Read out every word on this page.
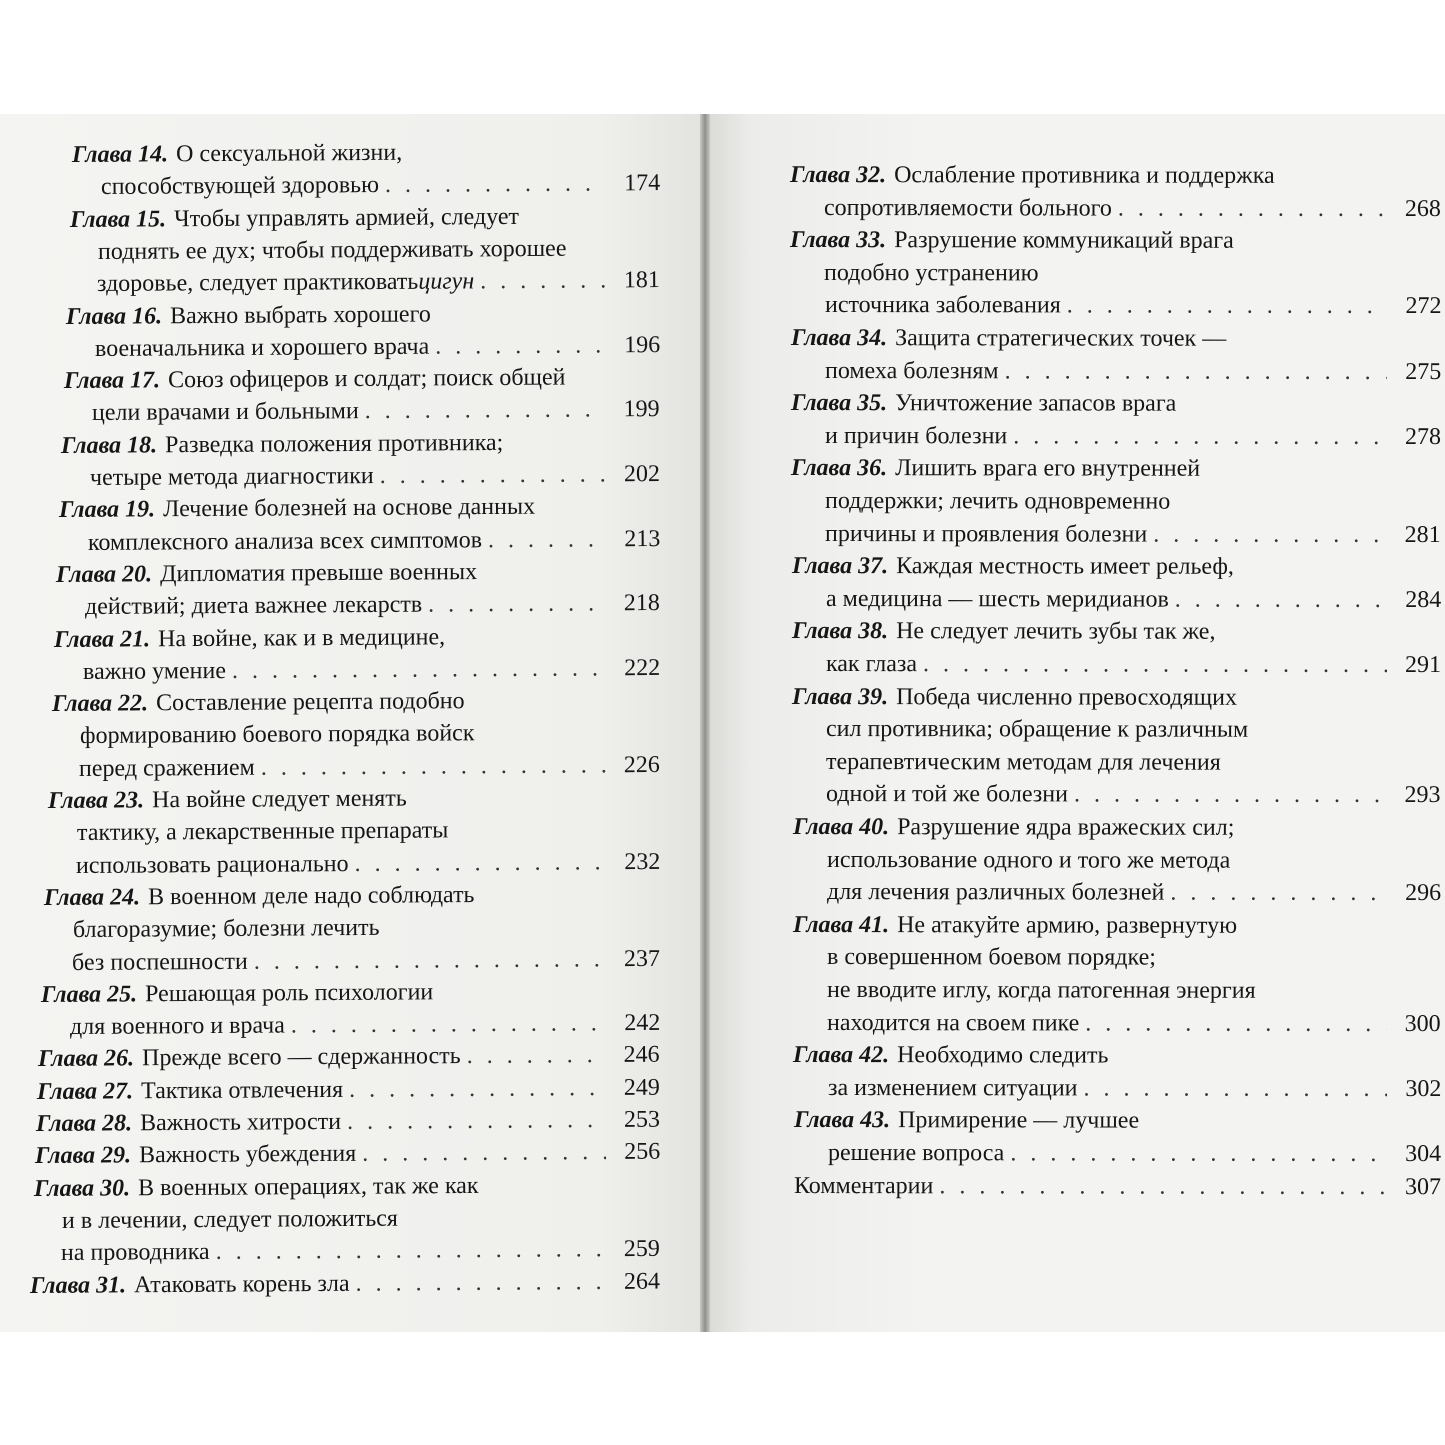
Глава 14. О сексуальной жизни,
способствующей здоровью . . .	174
Глава 15. Чтобы управлять армией, следует
поднять ее дух; чтобы поддерживать хорошее
здоровье, следует практиковать цигун . . .	181
Глава 16. Важно выбрать хорошего
военачальника и хорошего врача . . .	196
Глава 17. Союз офицеров и солдат; поиск общей
цели врачами и больными . . .	199
Глава 18. Разведка положения противника;
четыре метода диагностики . . .	202
Глава 19. Лечение болезней на основе данных
комплексного анализа всех симптомов . . .	213
Глава 20. Дипломатия превыше военных
действий; диета важнее лекарств . . .	218
Глава 21. На войне, как и в медицине,
важно умение . . .	222
Глава 22. Составление рецепта подобно
формированию боевого порядка войск
перед сражением . . .	226
Глава 23. На войне следует менять
тактику, а лекарственные препараты
использовать рационально . . .	232
Глава 24. В военном деле надо соблюдать
благоразумие; болезни лечить
без поспешности . . .	237
Глава 25. Решающая роль психологии
для военного и врача . . .	242
Глава 26. Прежде всего — сдержанность . . .	246
Глава 27. Тактика отвлечения . . .	249
Глава 28. Важность хитрости . . .	253
Глава 29. Важность убеждения . . .	256
Глава 30. В военных операциях, так же как
и в лечении, следует положиться
на проводника . . .	259
Глава 31. Атаковать корень зла . . .	264
Глава 32. Ослабление противника и поддержка
сопротивляемости больного . . .	268
Глава 33. Разрушение коммуникаций врага
подобно устранению
источника заболевания . . .	272
Глава 34. Защита стратегических точек —
помеха болезням . . .	275
Глава 35. Уничтожение запасов врага
и причин болезни . . .	278
Глава 36. Лишить врага его внутренней
поддержки; лечить одновременно
причины и проявления болезни . . .	281
Глава 37. Каждая местность имеет рельеф,
а медицина — шесть меридианов . . .	284
Глава 38. Не следует лечить зубы так же,
как глаза . . .	291
Глава 39. Победа численно превосходящих
сил противника; обращение к различным
терапевтическим методам для лечения
одной и той же болезни . . .	293
Глава 40. Разрушение ядра вражеских сил;
использование одного и того же метода
для лечения различных болезней . . .	296
Глава 41. Не атакуйте армию, развернутую
в совершенном боевом порядке;
не вводите иглу, когда патогенная энергия
находится на своем пике . . .	300
Глава 42. Необходимо следить
за изменением ситуации . . .	302
Глава 43. Примирение — лучшее
решение вопроса . . .	304
Комментарии . . .	307
